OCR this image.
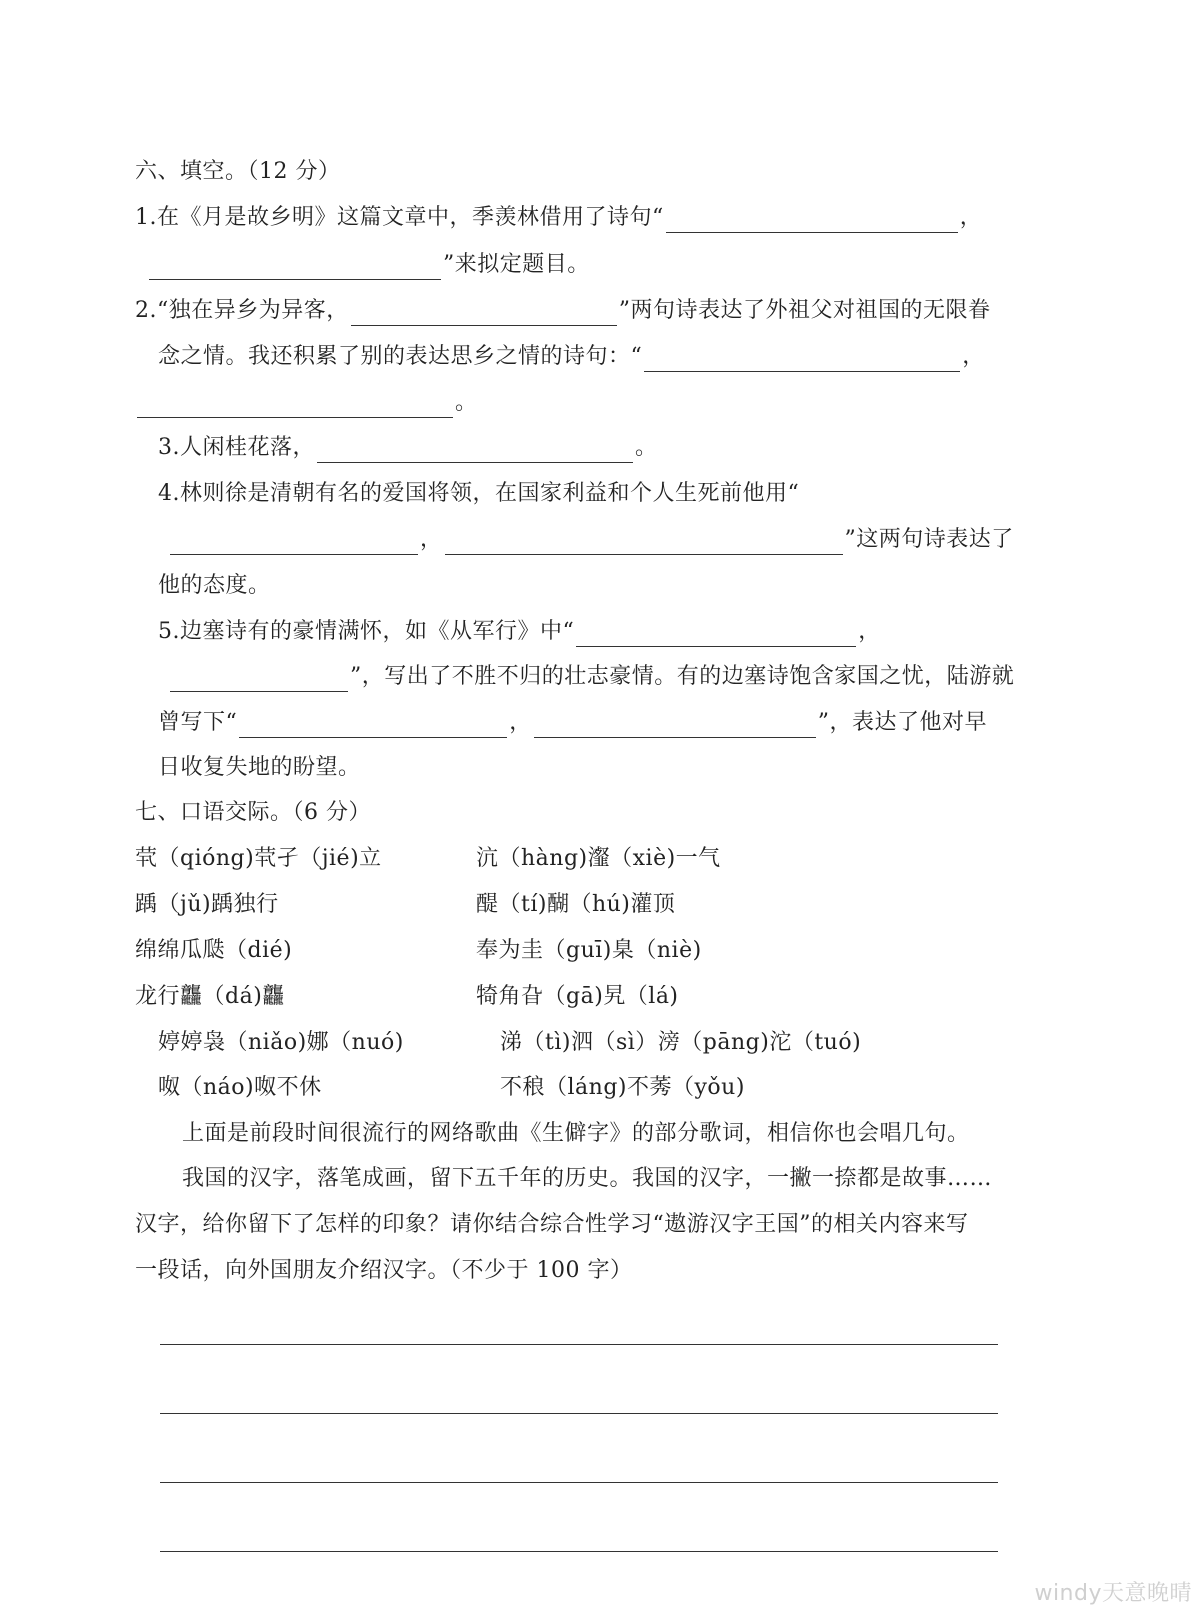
六、填空。（12 分）
1.在《月是故乡明》这篇文章中，季羡林借用了诗句“	，
”来拟定题目。
2.“独在异乡为异客，	”两句诗表达了外祖父对祖国的无限眷
念之情。我还积累了别的表达思乡之情的诗句：“	，
。
3.人闲桂花落，	。
4.林则徐是清朝有名的爱国将领，在国家利益和个人生死前他用“
，	”这两句诗表达了
他的态度。
5.边塞诗有的豪情满怀，如《从军行》中“	，
”，写出了不胜不归的壮志豪情。有的边塞诗饱含家国之忧，陆游就
曾写下“	，	”，表达了他对早
日收复失地的盼望。
七、口语交际。（6 分）
茕（qióng)茕孑（jié)立	沆（hàng)瀣（xiè)一气
踽（jǔ)踽独行	醍（tí)醐（hú)灌顶
绵绵瓜瓞（dié)	奉为圭（guī)臬（niè)
龙行龘（dá)龘	犄角旮（gā)旯（lá)
婷婷袅（niǎo)娜（nuó)	涕（tì)泗（sì）滂（pāng)沱（tuó)
呶（náo)呶不休	不稂（láng)不莠（yǒu)
上面是前段时间很流行的网络歌曲《生僻字》的部分歌词，相信你也会唱几句。
我国的汉字，落笔成画，留下五千年的历史。我国的汉字，一撇一捺都是故事……
汉字，给你留下了怎样的印象？请你结合综合性学习“遨游汉字王国”的相关内容来写
一段话，向外国朋友介绍汉字。（不少于 100 字）
windy天意晚晴
